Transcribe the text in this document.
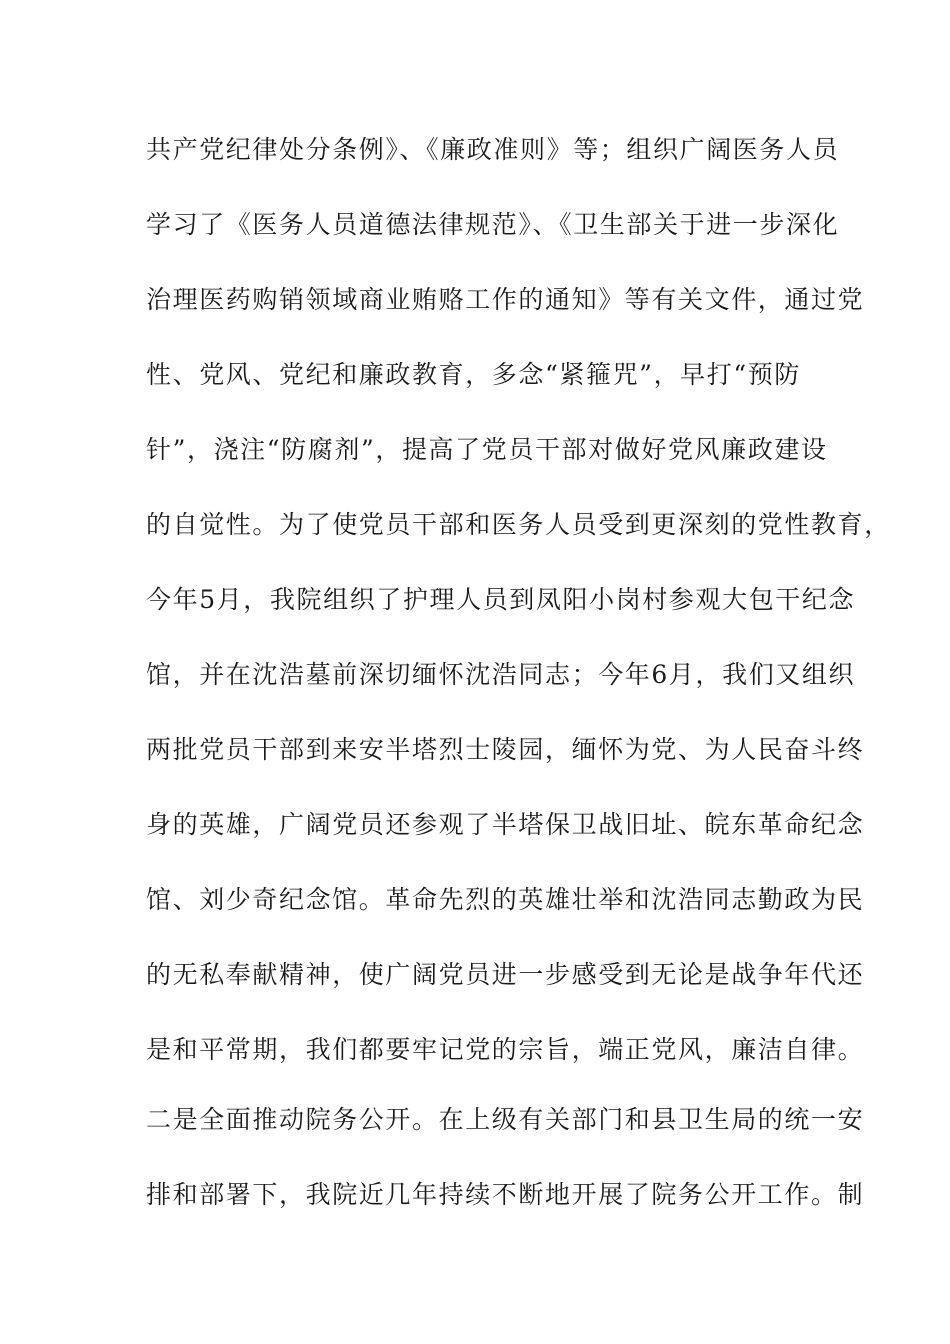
共产党纪律处分条例》、《廉政准则》等；组织广阔医务人员
学习了《医务人员道德法律规范》、《卫生部关于进一步深化
治理医药购销领域商业贿赂工作的通知》等有关文件，通过党
性、党风、党纪和廉政教育，多念“紧箍咒”，早打“预防
针”，浇注“防腐剂”，提高了党员干部对做好党风廉政建设
的自觉性。为了使党员干部和医务人员受到更深刻的党性教育，
今年5月，我院组织了护理人员到凤阳小岗村参观大包干纪念
馆，并在沈浩墓前深切缅怀沈浩同志；今年6月，我们又组织
两批党员干部到来安半塔烈士陵园，缅怀为党、为人民奋斗终
身的英雄，广阔党员还参观了半塔保卫战旧址、皖东革命纪念
馆、刘少奇纪念馆。革命先烈的英雄壮举和沈浩同志勤政为民
的无私奉献精神，使广阔党员进一步感受到无论是战争年代还
是和平常期，我们都要牢记党的宗旨，端正党风，廉洁自律。
二是全面推动院务公开。在上级有关部门和县卫生局的统一安
排和部署下，我院近几年持续不断地开展了院务公开工作。制
